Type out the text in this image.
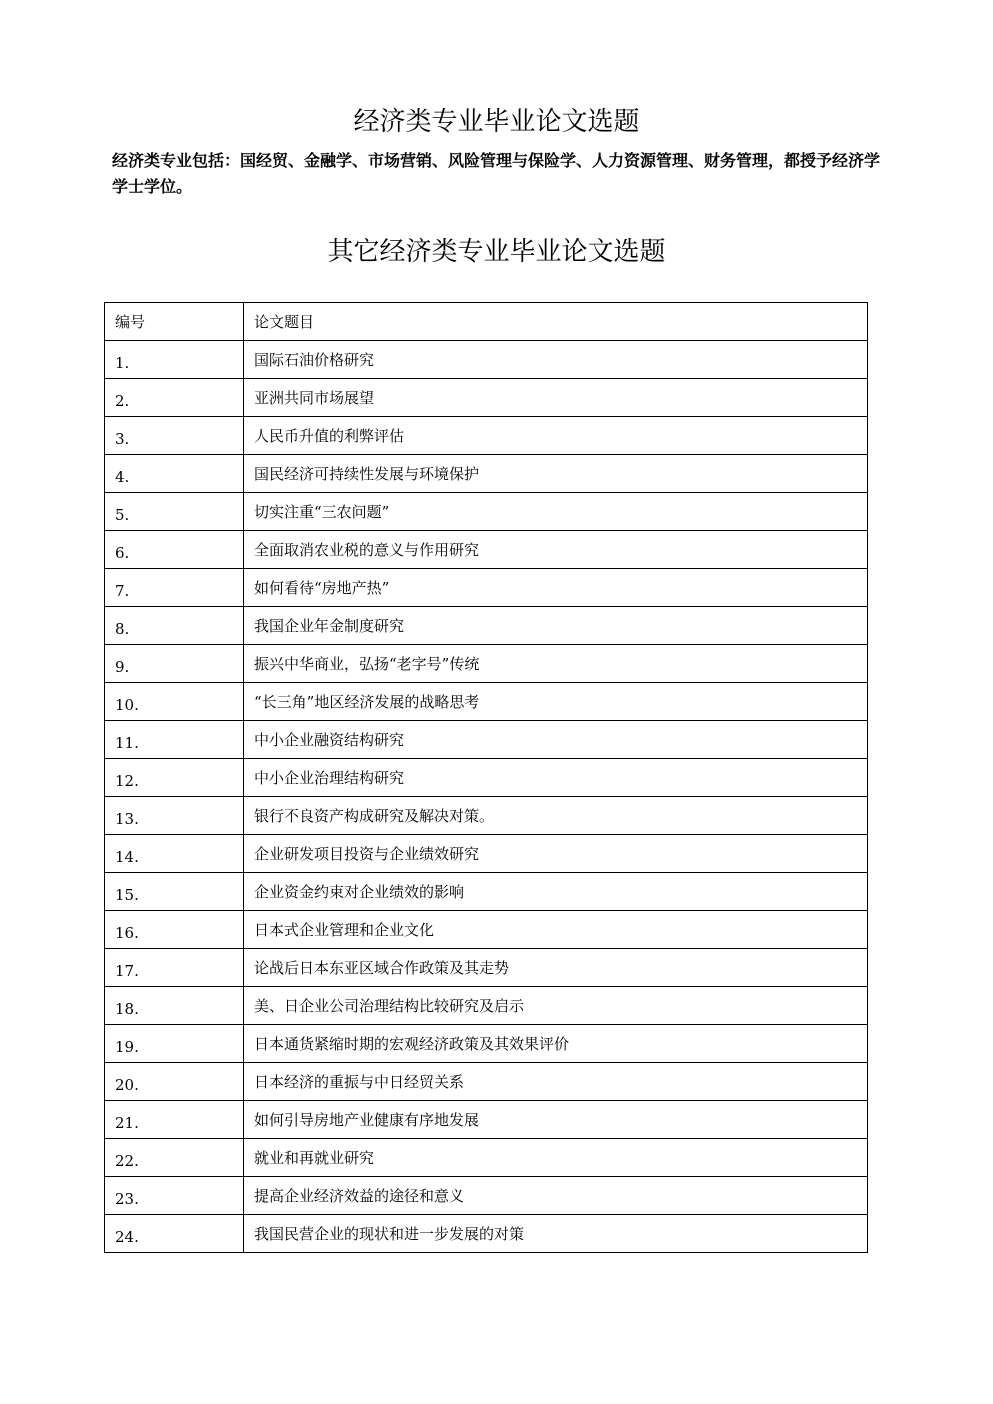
经济类专业毕业论文选题

经济类专业包括：国经贸、金融学、市场营销、风险管理与保险学、人力资源管理、财务管理，都授予经济学学士学位。

其它经济类专业毕业论文选题
编号	论文题目
1.	国际石油价格研究
2.	亚洲共同市场展望
3.	人民币升值的利弊评估
4.	国民经济可持续性发展与环境保护
5.	切实注重“三农问题”
6.	全面取消农业税的意义与作用研究
7.	如何看待“房地产热”
8.	我国企业年金制度研究
9.	振兴中华商业，弘扬“老字号”传统
10.	“长三角”地区经济发展的战略思考
11.	中小企业融资结构研究
12.	中小企业治理结构研究
13.	银行不良资产构成研究及解决对策。
14.	企业研发项目投资与企业绩效研究
15.	企业资金约束对企业绩效的影响
16.	日本式企业管理和企业文化
17.	论战后日本东亚区域合作政策及其走势
18.	美、日企业公司治理结构比较研究及启示
19.	日本通货紧缩时期的宏观经济政策及其效果评价
20.	日本经济的重振与中日经贸关系
21.	如何引导房地产业健康有序地发展
22.	就业和再就业研究
23.	提高企业经济效益的途径和意义
24.	我国民营企业的现状和进一步发展的对策
